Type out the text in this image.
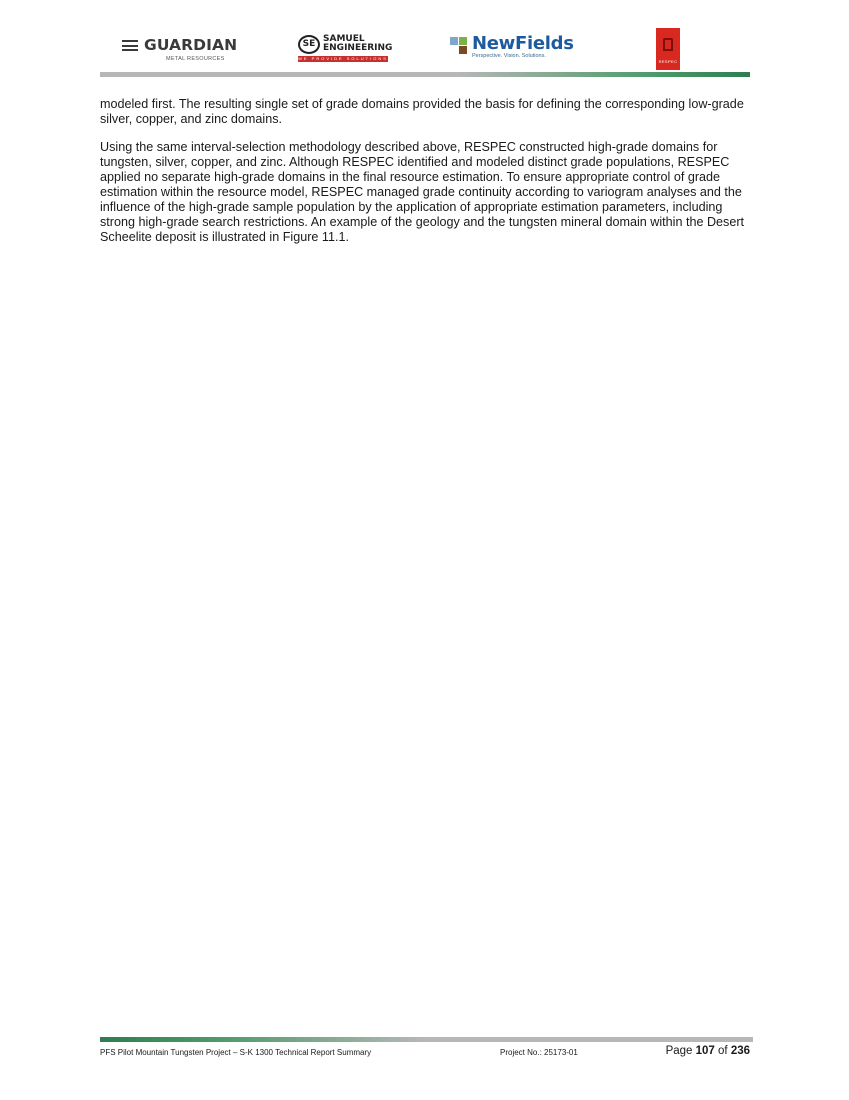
GUARDIAN
METAL RESOURCES
SE SAMUEL
ENGINEERING
WE PROVIDE SOLUTIONS
NewFields
Perspective. Vision. Solutions.
RESPEC

modeled first. The resulting single set of grade domains provided the basis for defining the corresponding low-grade silver, copper, and zinc domains.

Using the same interval-selection methodology described above, RESPEC constructed high-grade domains for tungsten, silver, copper, and zinc. Although RESPEC identified and modeled distinct grade populations, RESPEC applied no separate high-grade domains in the final resource estimation. To ensure appropriate control of grade estimation within the resource model, RESPEC managed grade continuity according to variogram analyses and the influence of the high-grade sample population by the application of appropriate estimation parameters, including strong high-grade search restrictions. An example of the geology and the tungsten mineral domain within the Desert Scheelite deposit is illustrated in Figure 11.1.

PFS Pilot Mountain Tungsten Project – S-K 1300 Technical Report Summary	Project No.: 25173-01	Page 107 of 236
